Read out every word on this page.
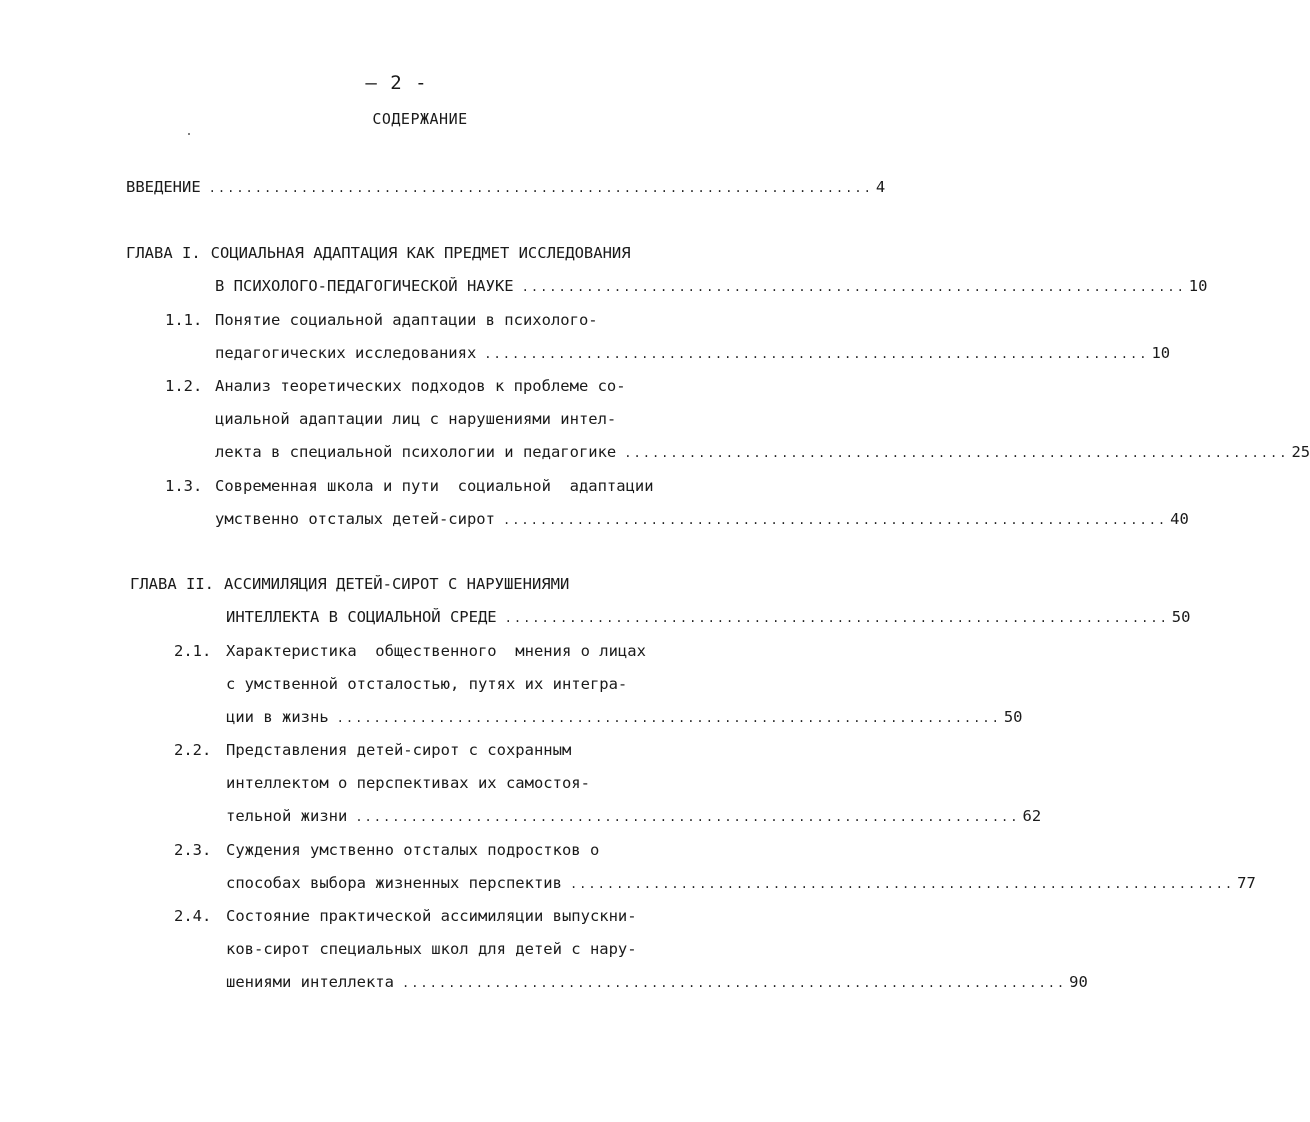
– 2 -
СОДЕРЖАНИЕ
ВВЕДЕНИЕ ........................................................................ 4
ГЛАВА I. СОЦИАЛЬНАЯ АДАПТАЦИЯ КАК ПРЕДМЕТ ИССЛЕДОВАНИЯ
В ПСИХОЛОГО-ПЕДАГОГИЧЕСКОЙ НАУКЕ ........................................................................ 10
1.1. Понятие социальной адаптации в психолого-
педагогических исследованиях ........................................................................ 10
1.2. Анализ теоретических подходов к проблеме со-
циальной адаптации лиц с нарушениями интел-
лекта в специальной психологии и педагогике ........................................................................ 25
1.3. Современная школа и пути  социальной  адаптации
умственно отсталых детей-сирот ........................................................................ 40
ГЛАВА II. АССИМИЛЯЦИЯ ДЕТЕЙ-СИРОТ С НАРУШЕНИЯМИ
ИНТЕЛЛЕКТА В СОЦИАЛЬНОЙ СРЕДЕ ........................................................................ 50
2.1. Характеристика  общественного  мнения о лицах
с умственной отсталостью, путях их интегра-
ции в жизнь ........................................................................ 50
2.2. Представления детей-сирот с сохранным
интеллектом о перспективах их самостоя-
тельной жизни ........................................................................ 62
2.3. Суждения умственно отсталых подростков о
способах выбора жизненных перспектив ........................................................................ 77
2.4. Состояние практической ассимиляции выпускни-
ков-сирот специальных школ для детей с нару-
шениями интеллекта ........................................................................ 90
